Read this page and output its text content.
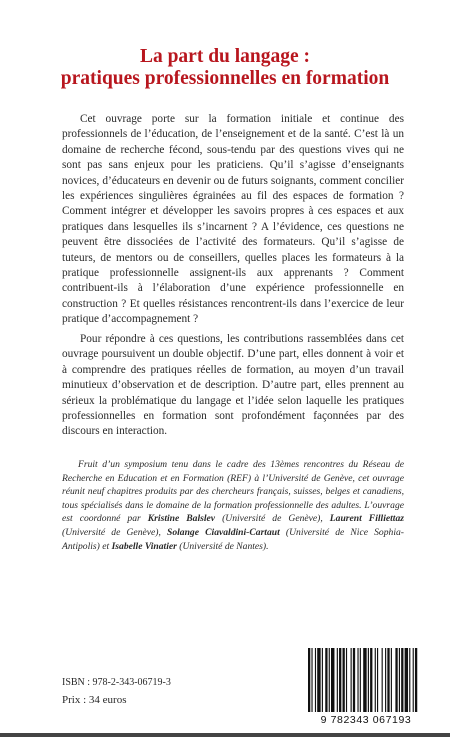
La part du langage :
pratiques professionnelles en formation

Cet ouvrage porte sur la formation initiale et continue des professionnels de l’éducation, de l’enseignement et de la santé. C’est là un domaine de recherche fécond, sous-tendu par des questions vives qui ne sont pas sans enjeux pour les praticiens. Qu’il s’agisse d’enseignants novices, d’éducateurs en devenir ou de futurs soignants, comment concilier les expériences singulières égrainées au fil des espaces de formation ? Comment intégrer et développer les savoirs propres à ces espaces et aux pratiques dans lesquelles ils s’incarnent ? A l’évidence, ces questions ne peuvent être dissociées de l’activité des formateurs. Qu’il s’agisse de tuteurs, de mentors ou de conseillers, quelles places les formateurs à la pratique professionnelle assignent-ils aux apprenants ? Comment contribuent-ils à l’élaboration d’une expérience professionnelle en construction ? Et quelles résistances rencontrent-ils dans l’exercice de leur pratique d’accompagnement ?

Pour répondre à ces questions, les contributions rassemblées dans cet ouvrage poursuivent un double objectif. D’une part, elles donnent à voir et à comprendre des pratiques réelles de formation, au moyen d’un travail minutieux d’observation et de description. D’autre part, elles prennent au sérieux la problématique du langage et l’idée selon laquelle les pratiques professionnelles en formation sont profondément façonnées par des discours en interaction.

Fruit d’un symposium tenu dans le cadre des 13èmes rencontres du Réseau de Recherche en Education et en Formation (REF) à l’Université de Genève, cet ouvrage réunit neuf chapitres produits par des chercheurs français, suisses, belges et canadiens, tous spécialisés dans le domaine de la formation professionnelle des adultes. L’ouvrage est coordonné par Kristine Balslev (Université de Genève), Laurent Filliettaz (Université de Genève), Solange Ciavaldini-Cartaut (Université de Nice Sophia-Antipolis) et Isabelle Vinatier (Université de Nantes).

ISBN : 978-2-343-06719-3
Prix : 34 euros
9 782343 067193
